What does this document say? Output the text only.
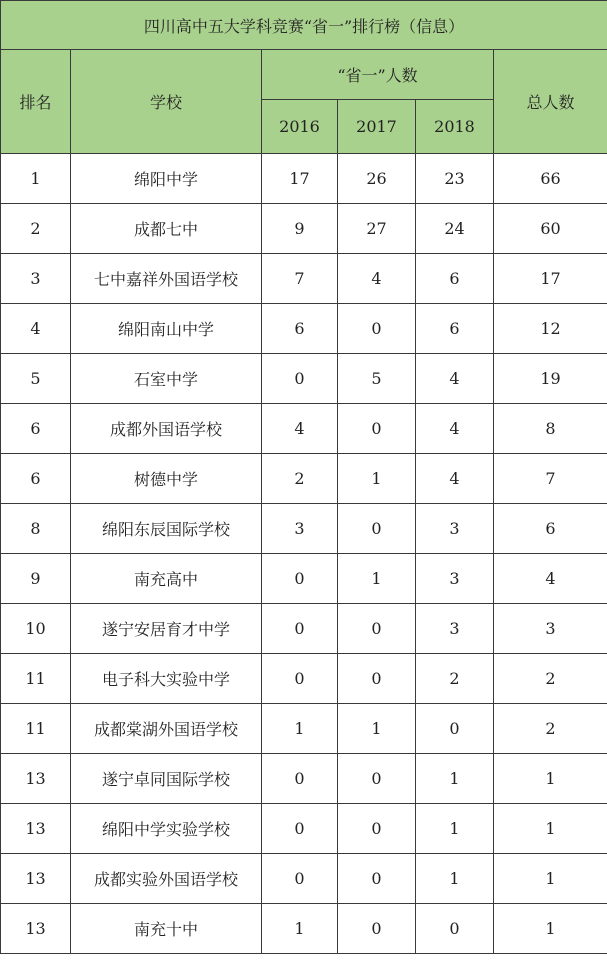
四川高中五大学科竞赛“省一”排行榜（信息）					
排名	学校	“省一”人数			总人数
		2016	2017	2018	
1	绵阳中学	17	26	23	66
2	成都七中	9	27	24	60
3	七中嘉祥外国语学校	7	4	6	17
4	绵阳南山中学	6	0	6	12
5	石室中学	0	5	4	19
6	成都外国语学校	4	0	4	8
6	树德中学	2	1	4	7
8	绵阳东辰国际学校	3	0	3	6
9	南充高中	0	1	3	4
10	遂宁安居育才中学	0	0	3	3
11	电子科大实验中学	0	0	2	2
11	成都棠湖外国语学校	1	1	0	2
13	遂宁卓同国际学校	0	0	1	1
13	绵阳中学实验学校	0	0	1	1
13	成都实验外国语学校	0	0	1	1
13	南充十中	1	0	0	1
